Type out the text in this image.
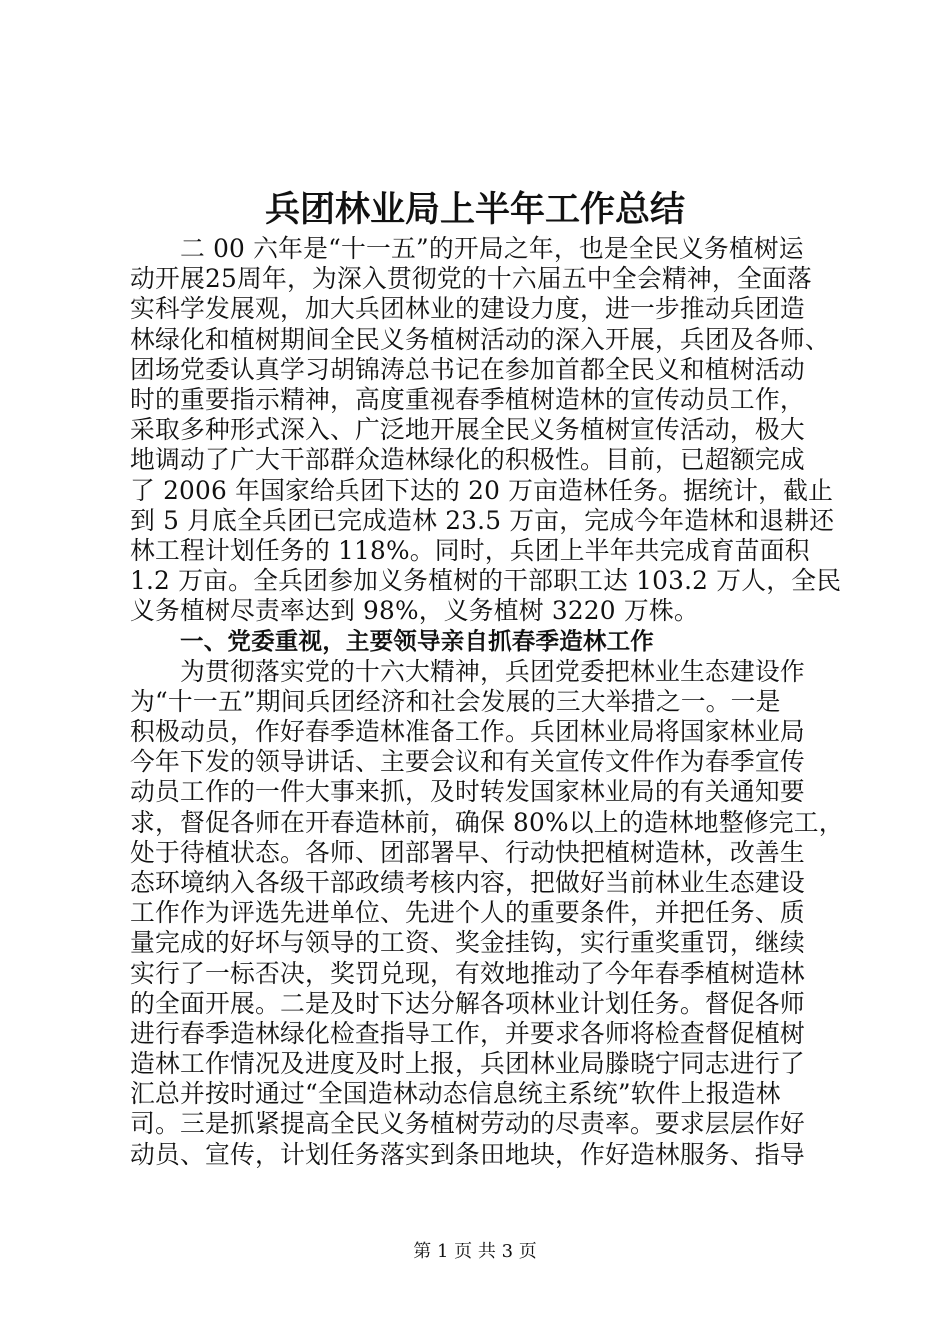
兵团林业局上半年工作总结
二 00 六年是“十一五”的开局之年，也是全民义务植树运
动开展25周年，为深入贯彻党的十六届五中全会精神，全面落
实科学发展观，加大兵团林业的建设力度，进一步推动兵团造
林绿化和植树期间全民义务植树活动的深入开展，兵团及各师、
团场党委认真学习胡锦涛总书记在参加首都全民义和植树活动
时的重要指示精神，高度重视春季植树造林的宣传动员工作，
采取多种形式深入、广泛地开展全民义务植树宣传活动，极大
地调动了广大干部群众造林绿化的积极性。目前，已超额完成
了 2006 年国家给兵团下达的 20 万亩造林任务。据统计，截止
到 5 月底全兵团已完成造林 23.5 万亩，完成今年造林和退耕还
林工程计划任务的 118%。同时，兵团上半年共完成育苗面积
1.2 万亩。全兵团参加义务植树的干部职工达 103.2 万人，全民
义务植树尽责率达到 98%，义务植树 3220 万株。
一、党委重视，主要领导亲自抓春季造林工作
为贯彻落实党的十六大精神，兵团党委把林业生态建设作
为“十一五”期间兵团经济和社会发展的三大举措之一。一是
积极动员，作好春季造林准备工作。兵团林业局将国家林业局
今年下发的领导讲话、主要会议和有关宣传文件作为春季宣传
动员工作的一件大事来抓，及时转发国家林业局的有关通知要
求，督促各师在开春造林前，确保 80%以上的造林地整修完工，
处于待植状态。各师、团部署早、行动快把植树造林，改善生
态环境纳入各级干部政绩考核内容，把做好当前林业生态建设
工作作为评选先进单位、先进个人的重要条件，并把任务、质
量完成的好坏与领导的工资、奖金挂钩，实行重奖重罚，继续
实行了一标否决，奖罚兑现，有效地推动了今年春季植树造林
的全面开展。二是及时下达分解各项林业计划任务。督促各师
进行春季造林绿化检查指导工作，并要求各师将检查督促植树
造林工作情况及进度及时上报，兵团林业局滕晓宁同志进行了
汇总并按时通过“全国造林动态信息统主系统”软件上报造林
司。三是抓紧提高全民义务植树劳动的尽责率。要求层层作好
动员、宣传，计划任务落实到条田地块，作好造林服务、指导
第 1 页 共 3 页
